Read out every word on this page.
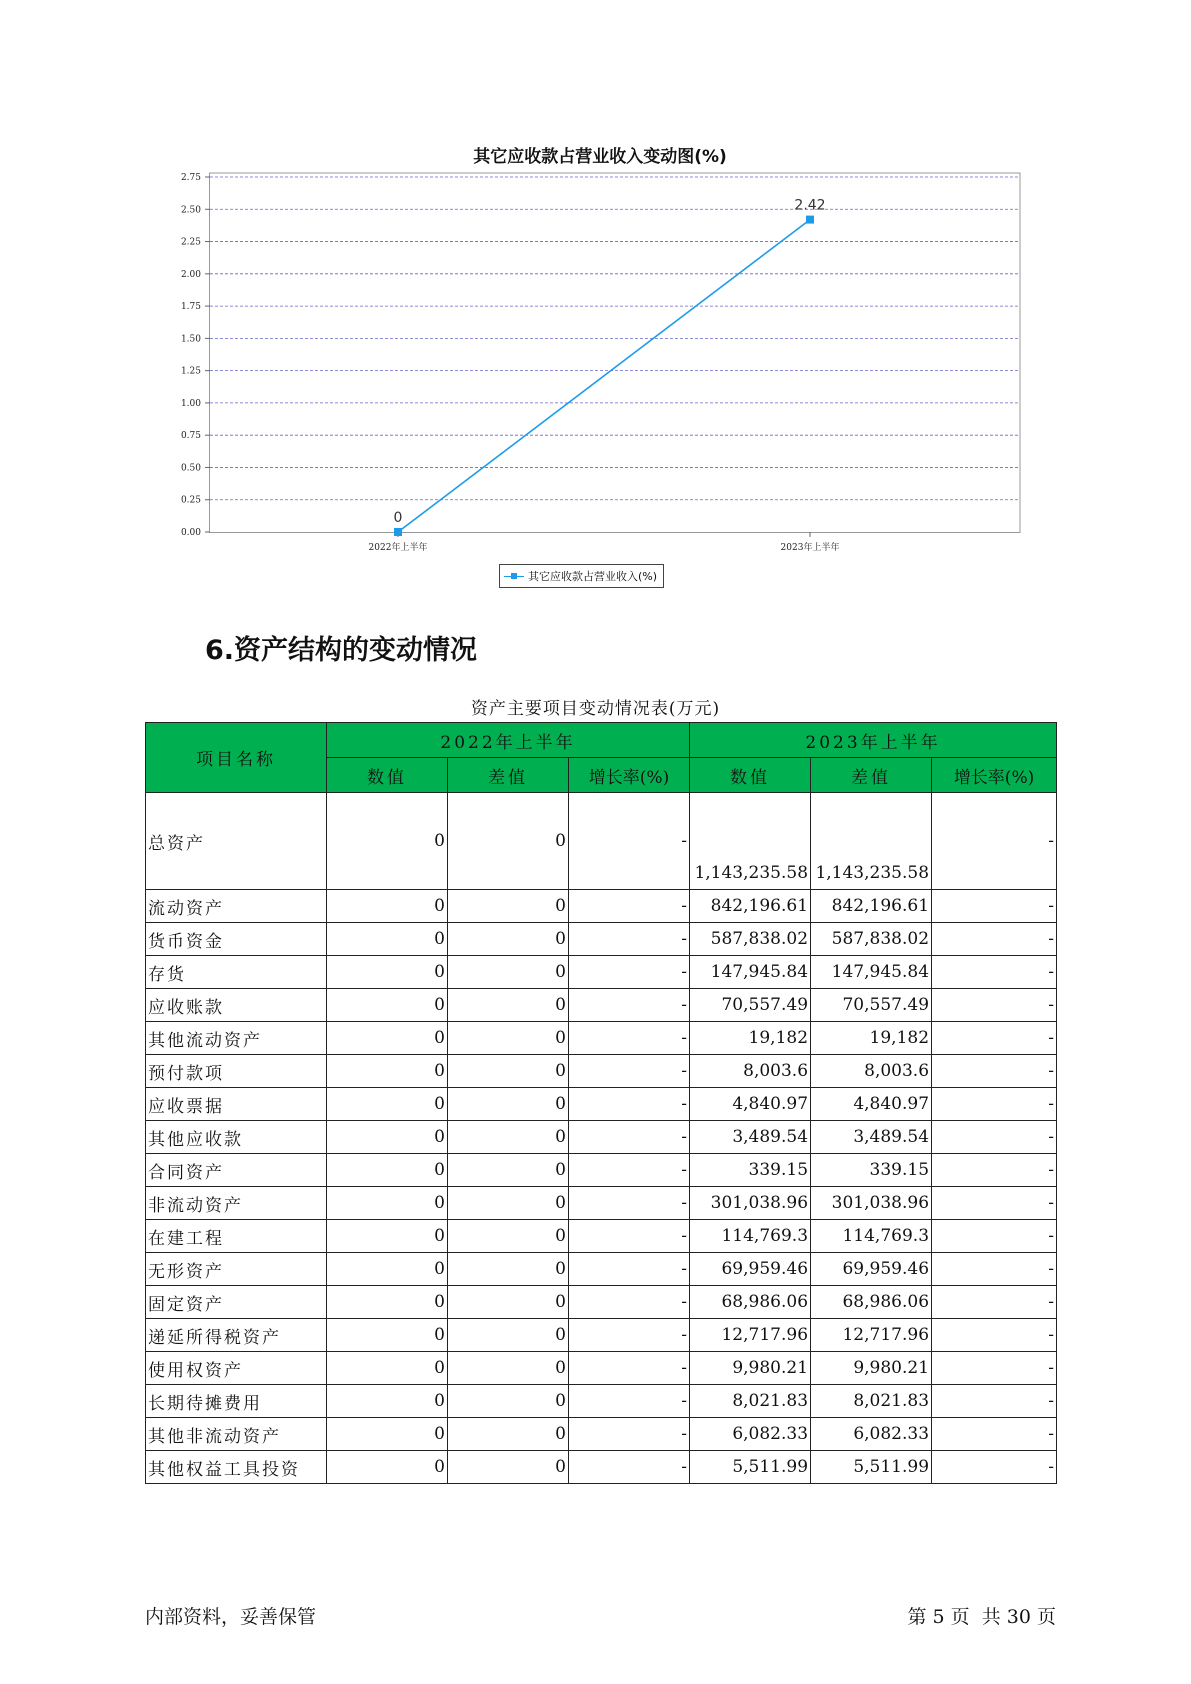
其它应收款占营业收入变动图(%)
0.00
0.25
0.50
0.75
1.00
1.25
1.50
1.75
2.00
2.25
2.50
2.75
2022年上半年	2023年上半年
0
2.42
其它应收款占营业收入(%)
6.资产结构的变动情况
资产主要项目变动情况表(万元)
项目名称	2022年上半年			2023年上半年		
	数值	差值	增长率(%)	数值	差值	增长率(%)
总资产	0	0	-	1,143,235.58	1,143,235.58	-
流动资产	0	0	-	842,196.61	842,196.61	-
货币资金	0	0	-	587,838.02	587,838.02	-
存货	0	0	-	147,945.84	147,945.84	-
应收账款	0	0	-	70,557.49	70,557.49	-
其他流动资产	0	0	-	19,182	19,182	-
预付款项	0	0	-	8,003.6	8,003.6	-
应收票据	0	0	-	4,840.97	4,840.97	-
其他应收款	0	0	-	3,489.54	3,489.54	-
合同资产	0	0	-	339.15	339.15	-
非流动资产	0	0	-	301,038.96	301,038.96	-
在建工程	0	0	-	114,769.3	114,769.3	-
无形资产	0	0	-	69,959.46	69,959.46	-
固定资产	0	0	-	68,986.06	68,986.06	-
递延所得税资产	0	0	-	12,717.96	12,717.96	-
使用权资产	0	0	-	9,980.21	9,980.21	-
长期待摊费用	0	0	-	8,021.83	8,021.83	-
其他非流动资产	0	0	-	6,082.33	6,082.33	-
其他权益工具投资	0	0	-	5,511.99	5,511.99	-
内部资料，妥善保管	第 5 页  共 30 页
